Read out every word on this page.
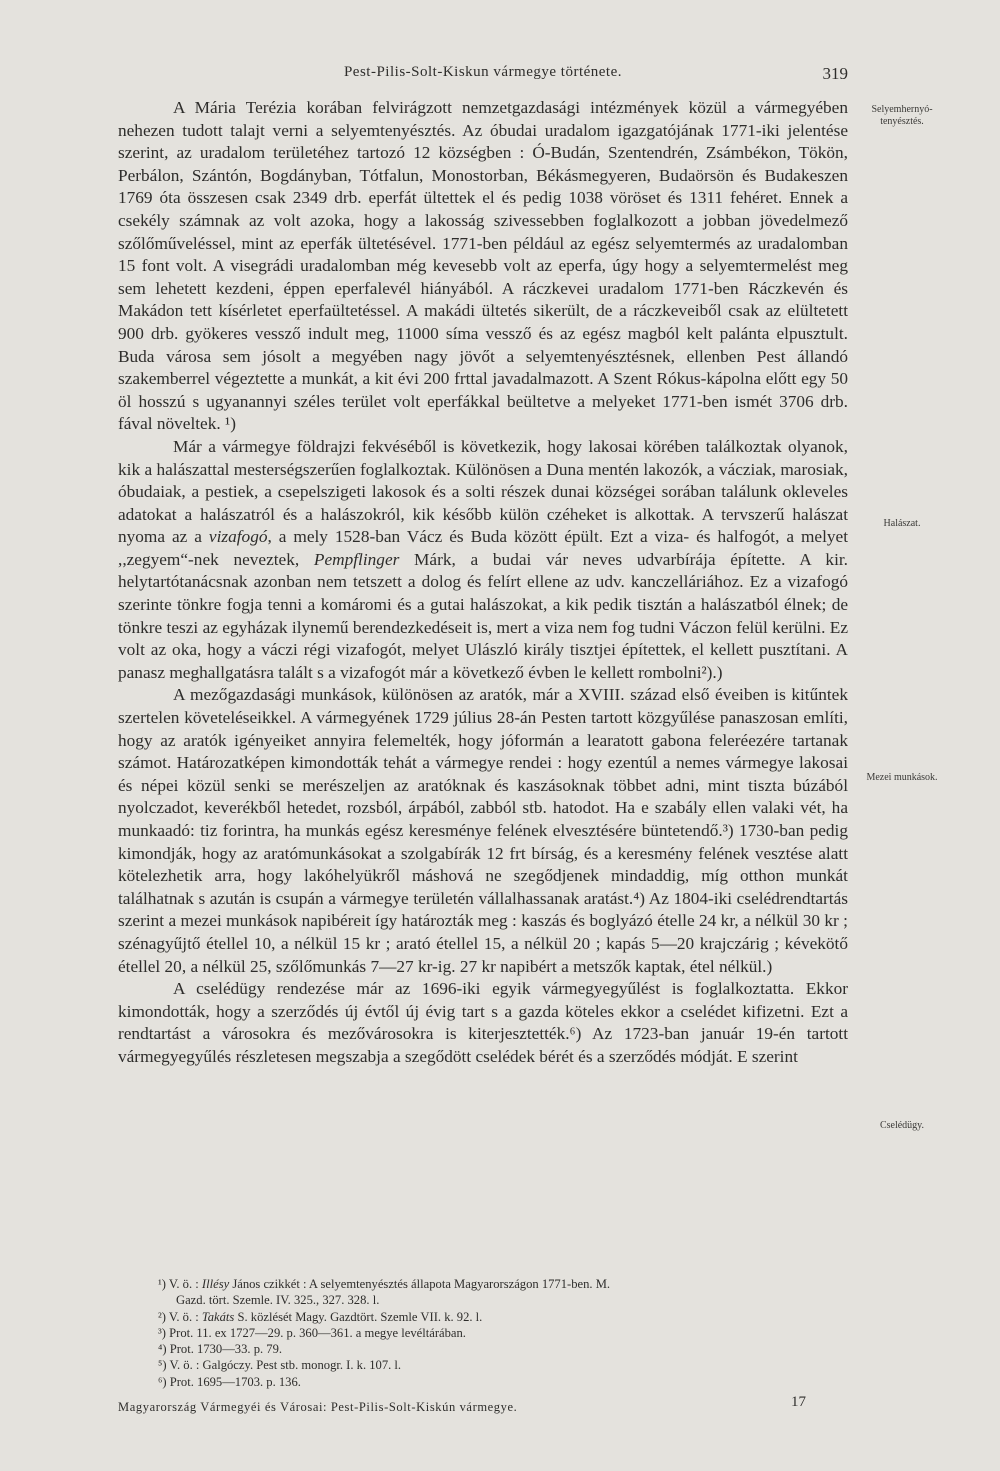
Pest-Pilis-Solt-Kiskun vármegye története.	319

A Mária Terézia korában felvirágzott nemzetgazdasági intézmények közül a vármegyében nehezen tudott talajt verni a selyemtenyésztés. Az óbudai uradalom igazgatójának 1771-iki jelentése szerint, az uradalom területéhez tartozó 12 községben : Ó-Budán, Szentendrén, Zsámbékon, Tökön, Perbálon, Szántón, Bogdányban, Tótfalun, Monostorban, Békásmegyeren, Budaörsön és Budakeszen 1769 óta összesen csak 2349 drb. eperfát ültettek el és pedig 1038 vöröset és 1311 fehéret. Ennek a csekély számnak az volt azoka, hogy a lakosság szivessebben foglalkozott a jobban jövedelmező szőlőműveléssel, mint az eperfák ültetésével. 1771-ben például az egész selyemtermés az uradalomban 15 font volt. A visegrádi uradalomban még kevesebb volt az eperfa, úgy hogy a selyemtermelést meg sem lehetett kezdeni, éppen eperfalevél hiányából. A ráczkevei uradalom 1771-ben Ráczkevén és Makádon tett kísérletet eperfaültetéssel. A makádi ültetés sikerült, de a ráczkeveiből csak az elültetett 900 drb. gyökeres vessző indult meg, 11000 síma vessző és az egész magból kelt palánta elpusztult. Buda városa sem jósolt a megyében nagy jövőt a selyemtenyésztésnek, ellenben Pest állandó szakemberrel végeztette a munkát, a kit évi 200 frttal javadalmazott. A Szent Rókus-kápolna előtt egy 50 öl hosszú s ugyanannyi széles terület volt eperfákkal beültetve a melyeket 1771-ben ismét 3706 drb. fával növeltek. ¹)

Már a vármegye földrajzi fekvéséből is következik, hogy lakosai körében találkoztak olyanok, kik a halászattal mesterségszerűen foglalkoztak. Különösen a Duna mentén lakozók, a vácziak, marosiak, óbudaiak, a pestiek, a csepelszigeti lakosok és a solti részek dunai községei sorában találunk okleveles adatokat a halászatról és a halászokról, kik később külön czéheket is alkottak. A tervszerű halászat nyoma az a vizafogó, a mely 1528-ban Vácz és Buda között épült. Ezt a viza- és halfogót, a melyet ,,zegyem“-nek neveztek, Pempflinger Márk, a budai vár neves udvarbírája építette. A kir. helytartótanácsnak azonban nem tetszett a dolog és felírt ellene az udv. kanczelláriához. Ez a vizafogó szerinte tönkre fogja tenni a komáromi és a gutai halászokat, a kik pedik tisztán a halászatból élnek; de tönkre teszi az egyházak ilynemű berendezkedéseit is, mert a viza nem fog tudni Váczon felül kerülni. Ez volt az oka, hogy a váczi régi vizafogót, melyet Ulászló király tisztjei építettek, el kellett pusztítani. A panasz meghallgatásra talált s a vizafogót már a következő évben le kellett rombolni²).)

A mezőgazdasági munkások, különösen az aratók, már a XVIII. század első éveiben is kitűntek szertelen követeléseikkel. A vármegyének 1729 július 28-án Pesten tartott közgyűlése panaszosan említi, hogy az aratók igényeiket annyira felemelték, hogy jóformán a learatott gabona feleréezére tartanak számot. Határozatképen kimondották tehát a vármegye rendei : hogy ezentúl a nemes vármegye lakosai és népei közül senki se merészeljen az aratóknak és kaszásoknak többet adni, mint tiszta búzából nyolczadot, keverékből hetedet, rozsból, árpából, zabból stb. hatodot. Ha e szabály ellen valaki vét, ha munkaadó: tiz forintra, ha munkás egész keresménye felének elvesztésére büntetendő.³) 1730-ban pedig kimondják, hogy az aratómunkásokat a szolgabírák 12 frt bírság, és a keresmény felének vesztése alatt kötelezhetik arra, hogy lakóhelyükről máshová ne szegődjenek mindaddig, míg otthon munkát találhatnak s azután is csupán a vármegye területén vállalhassanak aratást.⁴) Az 1804-iki cselédrendtartás szerint a mezei munkások napibéreit így határozták meg : kaszás és boglyázó ételle 24 kr, a nélkül 30 kr ; szénagyűjtő étellel 10, a nélkül 15 kr ; arató étellel 15, a nélkül 20 ; kapás 5—20 krajczárig ; kévekötő étellel 20, a nélkül 25, szőlőmunkás 7—27 kr-ig. 27 kr napibért a metszők kaptak, étel nélkül.)

A cselédügy rendezése már az 1696-iki egyik vármegyegyűlést is foglalkoztatta. Ekkor kimondották, hogy a szerződés új évtől új évig tart s a gazda köteles ekkor a cselédet kifizetni. Ezt a rendtartást a városokra és mezővárosokra is kiterjesztették.⁶) Az 1723-ban január 19-én tartott vármegyegyűlés részletesen megszabja a szegődött cselédek bérét és a szerződés módját. E szerint

Selyemhernyó-tenyésztés.
Halászat.
Mezei munkások.
Cselédügy.
¹) V. ö. : Illésy János czikkét : A selyemtenyésztés állapota Magyarországon 1771-ben. M.
Gazd. tört. Szemle. IV. 325., 327. 328. l.
²) V. ö. : Takáts S. közlését Magy. Gazdtört. Szemle VII. k. 92. l.
³) Prot. 11. ex 1727—29. p. 360—361. a megye levéltárában.
⁴) Prot. 1730—33. p. 79.
⁵) V. ö. : Galgóczy. Pest stb. monogr. I. k. 107. l.
⁶) Prot. 1695—1703. p. 136.
Magyarország Vármegyéi és Városai: Pest-Pilis-Solt-Kiskún vármegye.	17
